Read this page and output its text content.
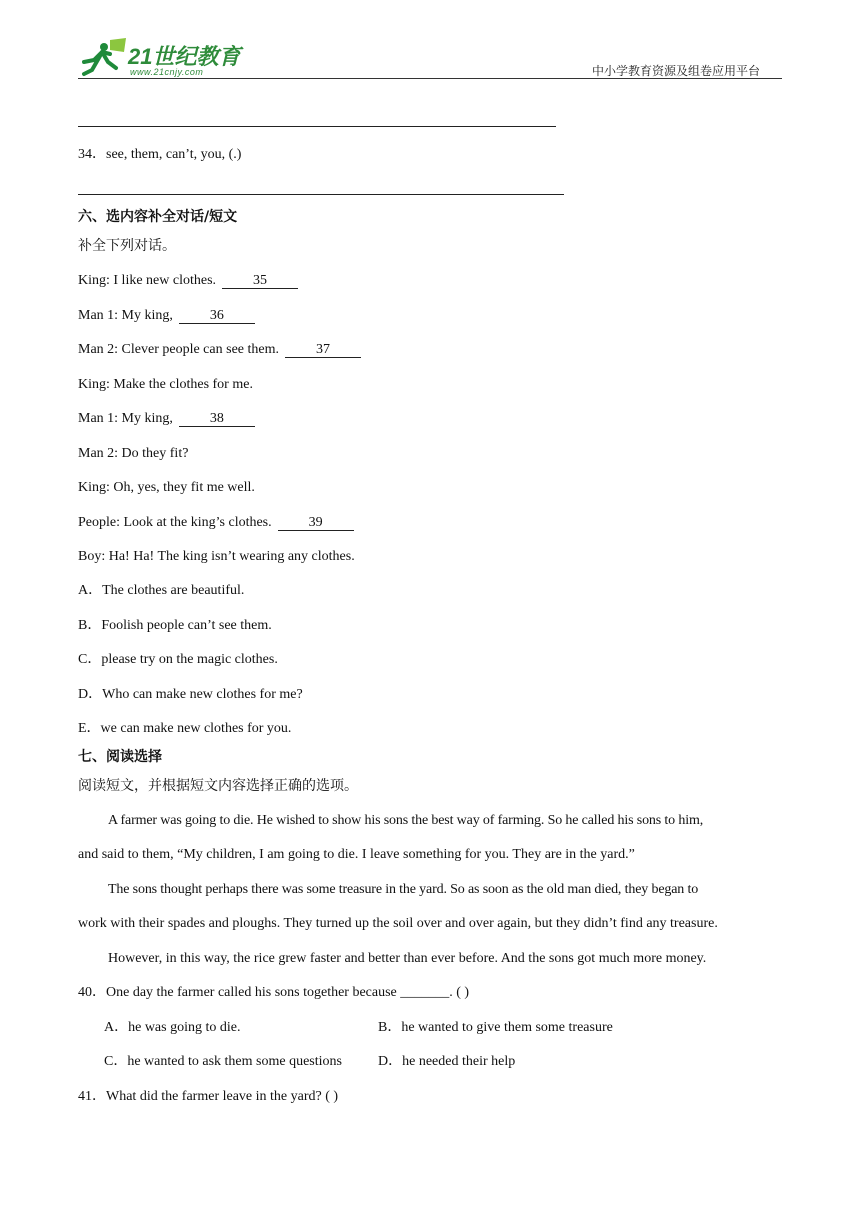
21世纪教育
www.21cnjy.com	中小学教育资源及组卷应用平台
34．see, them, can’t, you, (.)
六、选内容补全对话/短文
补全下列对话。
King: I like new clothes.	35
Man 1: My king,	36
Man 2: Clever people can see them.	37
King: Make the clothes for me.
Man 1: My king,	38
Man 2: Do they fit?
King: Oh, yes, they fit me well.
People: Look at the king’s clothes.	39
Boy: Ha! Ha! The king isn’t wearing any clothes.
A．The clothes are beautiful.
B．Foolish people can’t see them.
C．please try on the magic clothes.
D．Who can make new clothes for me?
E．we can make new clothes for you.
七、阅读选择
阅读短文，并根据短文内容选择正确的选项。
A farmer was going to die. He wished to show his sons the best way of farming. So he called his sons to him,
and said to them, “My children, I am going to die. I leave something for you. They are in the yard.”
The sons thought perhaps there was some treasure in the yard. So as soon as the old man died, they began to
work with their spades and ploughs. They turned up the soil over and over again, but they didn’t find any treasure.
However, in this way, the rice grew faster and better than ever before. And the sons got much more money.
40．One day the farmer called his sons together because _______. ( )
A．he was going to die.	B．he wanted to give them some treasure
C．he wanted to ask them some questions	D．he needed their help
41．What did the farmer leave in the yard? ( )
